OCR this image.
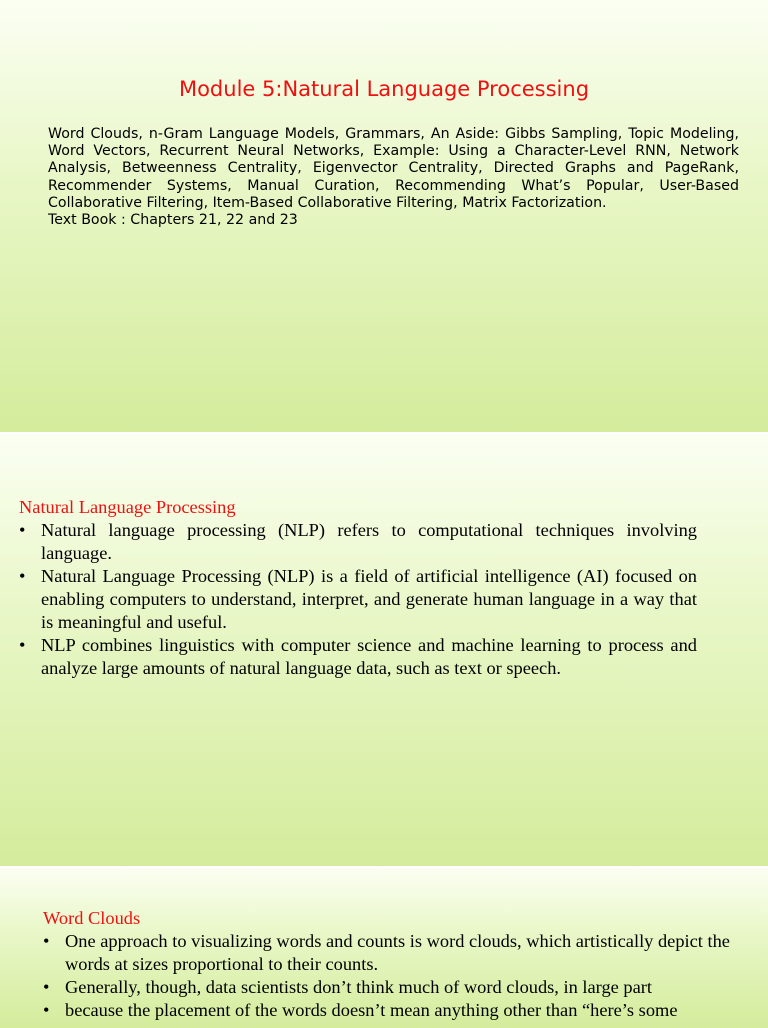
Module 5:Natural Language Processing

Word Clouds, n-Gram Language Models, Grammars, An Aside: Gibbs Sampling, Topic Modeling, Word Vectors, Recurrent Neural Networks, Example: Using a Character-Level RNN, Network Analysis, Betweenness Centrality, Eigenvector Centrality, Directed Graphs and PageRank, Recommender Systems, Manual Curation, Recommending What’s Popular, User-Based Collaborative Filtering, Item-Based Collaborative Filtering, Matrix Factorization.

Text Book : Chapters 21, 22 and 23

Natural Language Processing

• Natural language processing (NLP) refers to computational techniques involving language.
• Natural Language Processing (NLP) is a field of artificial intelligence (AI) focused on enabling computers to understand, interpret, and generate human language in a way that is meaningful and useful.
• NLP combines linguistics with computer science and machine learning to process and analyze large amounts of natural language data, such as text or speech.

Word Clouds

• One approach to visualizing words and counts is word clouds, which artistically depict the words at sizes proportional to their counts.
• Generally, though, data scientists don’t think much of word clouds, in large part
• because the placement of the words doesn’t mean anything other than “here’s some
